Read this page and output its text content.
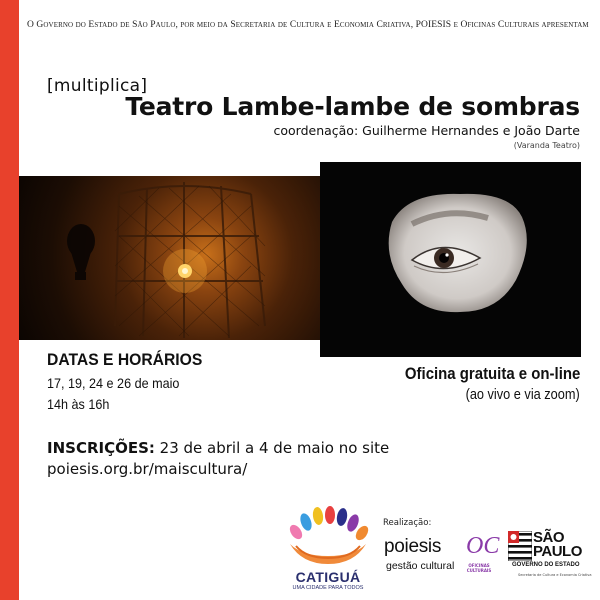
O Governo do Estado de São Paulo, por meio da Secretaria de Cultura e Economia Criativa, POIESIS e Oficinas Culturais apresentam
[multiplica]
Teatro Lambe-lambe de sombras
coordenação: Guilherme Hernandes e João Darte
(Varanda Teatro)
DATAS E HORÁRIOS
17, 19, 24 e 26 de maio
14h às 16h
Oficina gratuita e on-line
(ao vivo e via zoom)
INSCRIÇÕES: 23 de abril a 4 de maio no site
poiesis.org.br/maiscultura/
CATIGUÁ
UMA CIDADE PARA TODOS
Realização:
poiesis
gestão cultural
OC
OFICINAS CULTURAIS
SÃO PAULO
GOVERNO DO ESTADO
Secretaria de Cultura e Economia Criativa
